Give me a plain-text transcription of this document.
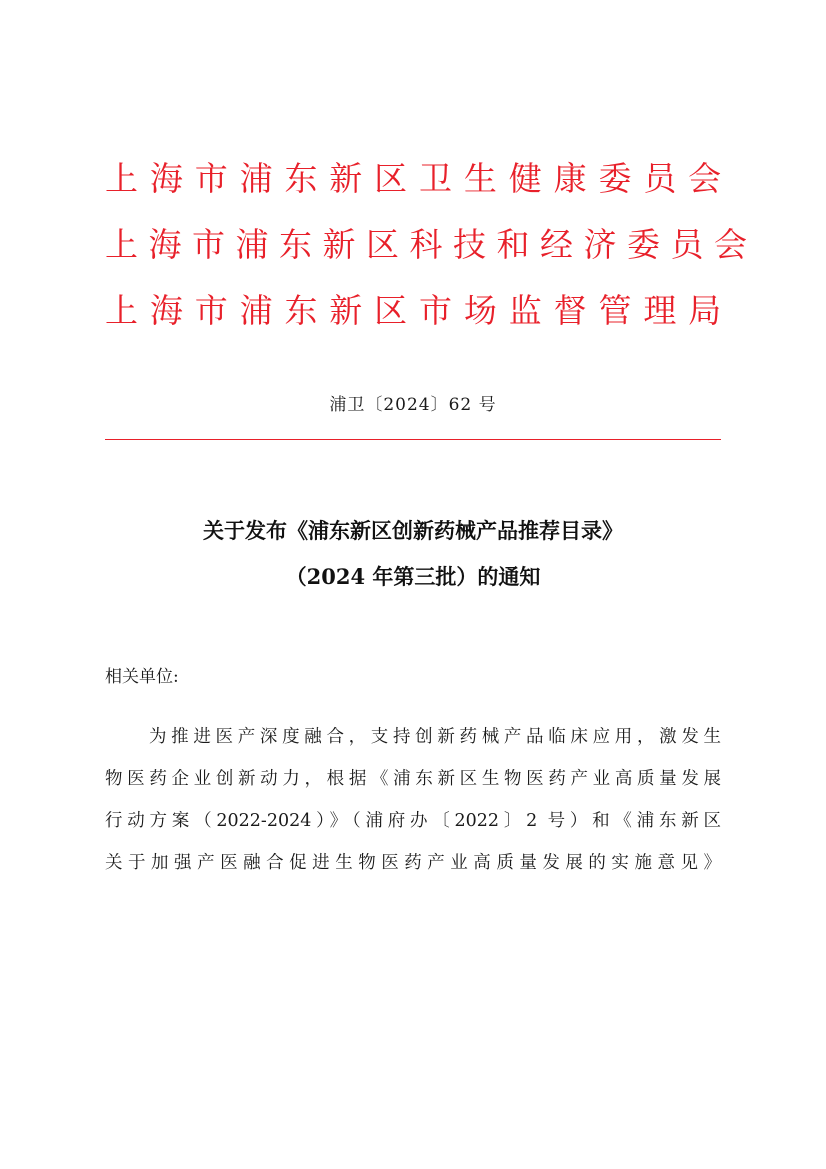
上 海 市 浦 东 新 区 卫 生 健 康 委 员 会
上 海 市 浦 东 新 区 科 技 和 经 济 委 员 会
上 海 市 浦 东 新 区 市 场 监 督 管 理 局
浦卫〔2024〕62 号
关于发布《浦东新区创新药械产品推荐目录》
（2024 年第三批）的通知
相关单位:
为推进医产深度融合，支持创新药械产品临床应用，激发生
物医药企业创新动力，根据《浦东新区生物医药产业高质量发展
行动方案（2022-2024）》（浦府办〔2022〕2 号）和《浦东新区
关于加强产医融合促进生物医药产业高质量发展的实施意见》
